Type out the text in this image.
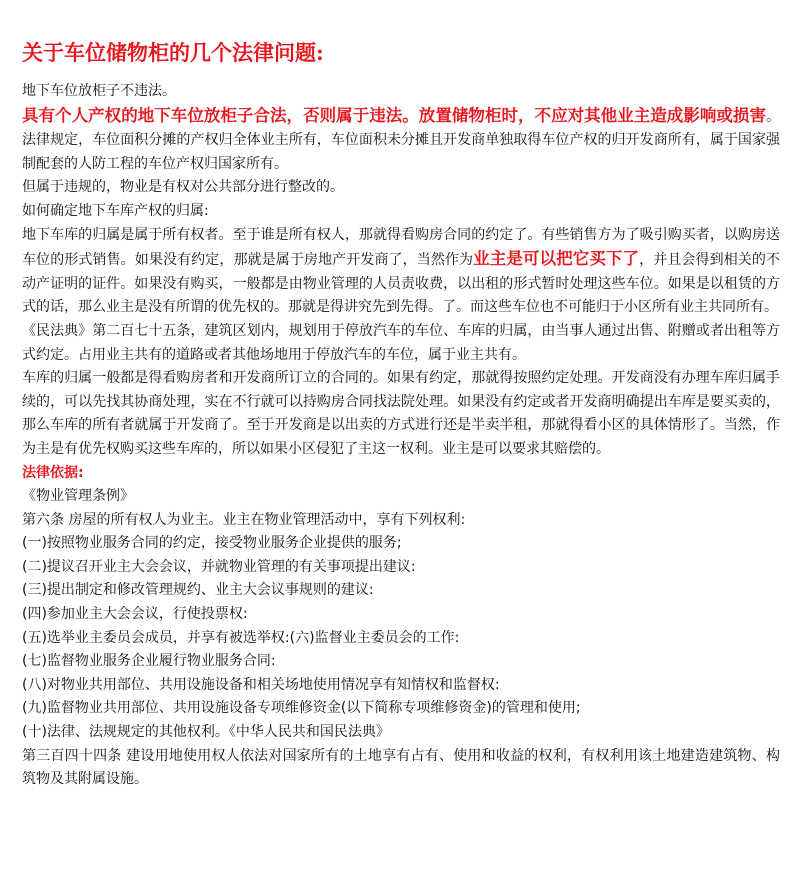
关于车位储物柜的几个法律问题:

地下车位放柜子不违法。

具有个人产权的地下车位放柜子合法，否则属于违法。放置储物柜时，不应对其他业主造成影响或损害。法律规定，车位面积分摊的产权归全体业主所有，车位面积未分摊且开发商单独取得车位产权的归开发商所有，属于国家强制配套的人防工程的车位产权归国家所有。

但属于违规的，物业是有权对公共部分进行整改的。

如何确定地下车库产权的归属:

地下车库的归属是属于所有权者。至于谁是所有权人，那就得看购房合同的约定了。有些销售方为了吸引购买者，以购房送车位的形式销售。如果没有约定，那就是属于房地产开发商了，当然作为业主是可以把它买下了，并且会得到相关的不动产证明的证件。如果没有购买，一般都是由物业管理的人员责收费，以出租的形式暂时处理这些车位。如果是以租赁的方式的话，那么业主是没有所谓的优先权的。那就是得讲究先到先得。了。而这些车位也不可能归于小区所有业主共同所有。

《民法典》第二百七十五条，建筑区划内，规划用于停放汽车的车位、车库的归属，由当事人通过出售、附赠或者出租等方式约定。占用业主共有的道路或者其他场地用于停放汽车的车位，属于业主共有。

车库的归属一般都是得看购房者和开发商所订立的合同的。如果有约定，那就得按照约定处理。开发商没有办理车库归属手续的，可以先找其协商处理，实在不行就可以持购房合同找法院处理。如果没有约定或者开发商明确提出车库是要买卖的，那么车库的所有者就属于开发商了。至于开发商是以出卖的方式进行还是半卖半租，那就得看小区的具体情形了。当然，作为主是有优先权购买这些车库的，所以如果小区侵犯了主这一权利。业主是可以要求其赔偿的。

法律依据:

《物业管理条例》

第六条 房屋的所有权人为业主。业主在物业管理活动中，享有下列权利:

(一)按照物业服务合同的约定，接受物业服务企业提供的服务;

(二)提议召开业主大会会议，并就物业管理的有关事项提出建议:

(三)提出制定和修改管理规约、业主大会议事规则的建议:

(四)参加业主大会会议，行使投票权:

(五)选举业主委员会成员，并享有被选举权:(六)监督业主委员会的工作:

(七)监督物业服务企业履行物业服务合同:

(八)对物业共用部位、共用设施设备和相关场地使用情况享有知情权和监督权:

(九)监督物业共用部位、共用设施设备专项维修资金(以下简称专项维修资金)的管理和使用;

(十)法律、法规规定的其他权利。《中华人民共和国民法典》

第三百四十四条 建设用地使用权人依法对国家所有的土地享有占有、使用和收益的权利，有权利用该土地建造建筑物、构筑物及其附属设施。
